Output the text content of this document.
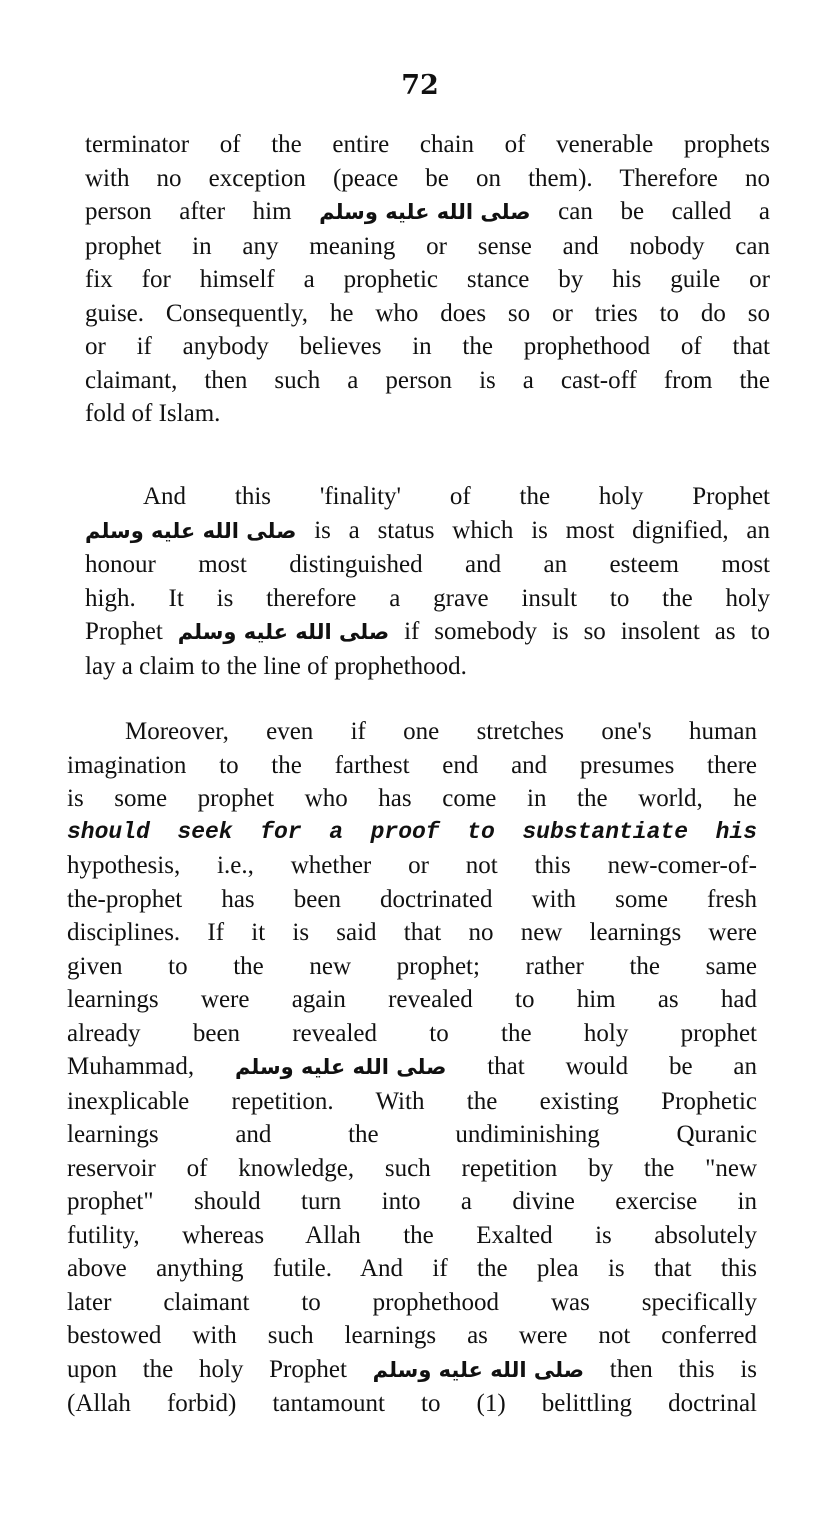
72
terminator of the entire chain of venerable prophets
with no exception (peace be on them). Therefore no
person after him صلى الله عليه وسلم can be called a
prophet in any meaning or sense and nobody can
fix for himself a prophetic stance by his guile or
guise. Consequently, he who does so or tries to do so
or if anybody believes in the prophethood of that
claimant, then such a person is a cast-off from the
fold of Islam.
And this 'finality' of the holy Prophet
صلى الله عليه وسلم is a status which is most dignified, an
honour most distinguished and an esteem most
high. It is therefore a grave insult to the holy
Prophet صلى الله عليه وسلم if somebody is so insolent as to
lay a claim to the line of prophethood.
Moreover, even if one stretches one's human
imagination to the farthest end and presumes there
is some prophet who has come in the world, he
should seek for a proof to substantiate his
hypothesis, i.e., whether or not this new-comer-of-
the-prophet has been doctrinated with some fresh
disciplines. If it is said that no new learnings were
given to the new prophet; rather the same
learnings were again revealed to him as had
already been revealed to the holy prophet
Muhammad, صلى الله عليه وسلم that would be an
inexplicable repetition. With the existing Prophetic
learnings and the undiminishing Quranic
reservoir of knowledge, such repetition by the "new
prophet" should turn into a divine exercise in
futility, whereas Allah the Exalted is absolutely
above anything futile. And if the plea is that this
later claimant to prophethood was specifically
bestowed with such learnings as were not conferred
upon the holy Prophet صلى الله عليه وسلم then this is
(Allah forbid) tantamount to (1) belittling doctrinal
